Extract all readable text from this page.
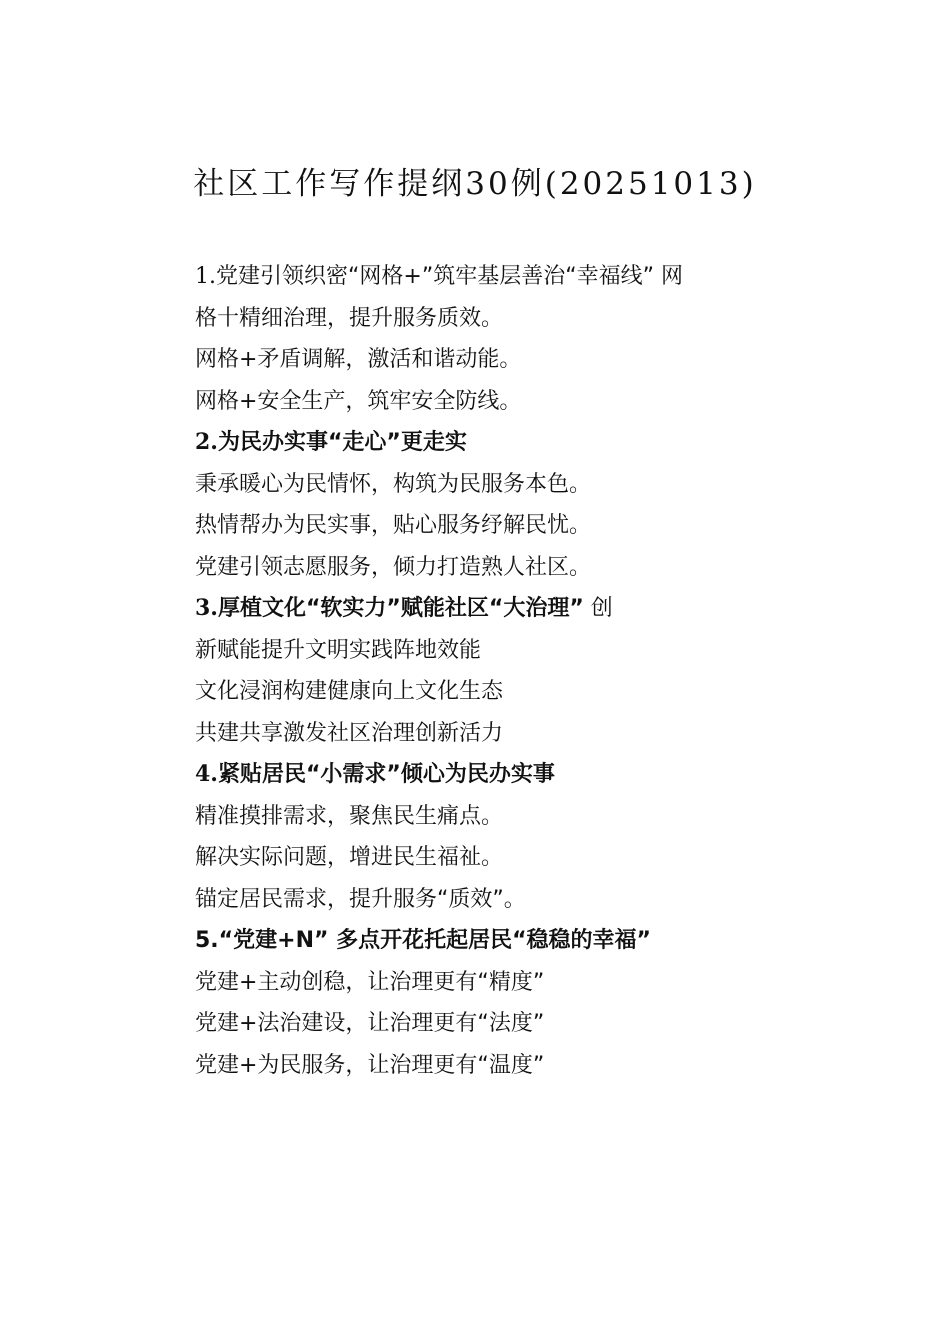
社区工作写作提纲30例(20251013)
1.党建引领织密“网格+”筑牢基层善治“幸福线” 网
格十精细治理，提升服务质效。
网格+矛盾调解，激活和谐动能。
网格+安全生产，筑牢安全防线。
2.为民办实事“走心”更走实
秉承暖心为民情怀，构筑为民服务本色。
热情帮办为民实事，贴心服务纾解民忧。
党建引领志愿服务，倾力打造熟人社区。
3.厚植文化“软实力”赋能社区“大治理” 创
新赋能提升文明实践阵地效能
文化浸润构建健康向上文化生态
共建共享激发社区治理创新活力
4.紧贴居民“小需求”倾心为民办实事
精准摸排需求，聚焦民生痛点。
解决实际问题，增进民生福祉。
锚定居民需求，提升服务“质效”。
5.“党建+N” 多点开花托起居民“稳稳的幸福”
党建+主动创稳，让治理更有“精度”
党建+法治建设，让治理更有“法度”
党建+为民服务，让治理更有“温度”
